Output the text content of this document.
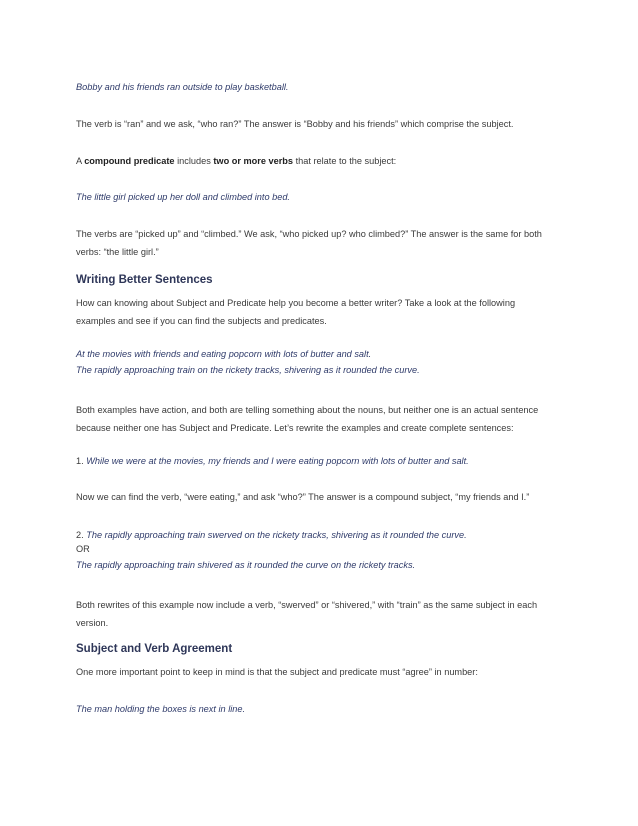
Bobby and his friends ran outside to play basketball.
The verb is “ran” and we ask, “who ran?” The answer is “Bobby and his friends” which comprise the subject.
A compound predicate includes two or more verbs that relate to the subject:
The little girl picked up her doll and climbed into bed.
The verbs are “picked up” and “climbed.” We ask, “who picked up? who climbed?” The answer is the same for both verbs: “the little girl.”
Writing Better Sentences
How can knowing about Subject and Predicate help you become a better writer? Take a look at the following examples and see if you can find the subjects and predicates.
At the movies with friends and eating popcorn with lots of butter and salt.
The rapidly approaching train on the rickety tracks, shivering as it rounded the curve.
Both examples have action, and both are telling something about the nouns, but neither one is an actual sentence because neither one has Subject and Predicate. Let’s rewrite the examples and create complete sentences:
1. While we were at the movies, my friends and I were eating popcorn with lots of butter and salt.
Now we can find the verb, “were eating,” and ask “who?” The answer is a compound subject, “my friends and I.”
2. The rapidly approaching train swerved on the rickety tracks, shivering as it rounded the curve.
OR
The rapidly approaching train shivered as it rounded the curve on the rickety tracks.
Both rewrites of this example now include a verb, “swerved” or “shivered,” with “train” as the same subject in each version.
Subject and Verb Agreement
One more important point to keep in mind is that the subject and predicate must “agree” in number:
The man holding the boxes is next in line.
